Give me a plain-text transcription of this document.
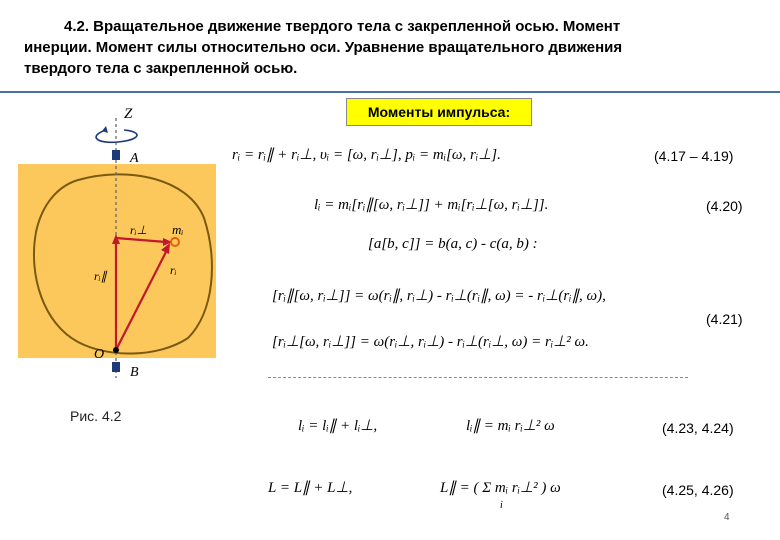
4.2. Вращательное движение твердого тела с закрепленной осью. Момент
инерции. Момент силы относительно оси. Уравнение вращательного движения
твердого тела с закрепленной осью.
Z
A
B
O
rᵢ⊥ mᵢ
rᵢ∥	rᵢ
Рис. 4.2
Моменты импульса:
rᵢ = rᵢ∥ + rᵢ⊥, υᵢ = [ω, rᵢ⊥], pᵢ = mᵢ[ω, rᵢ⊥].	(4.17 – 4.19)
lᵢ = mᵢ[rᵢ∥[ω, rᵢ⊥]] + mᵢ[rᵢ⊥[ω, rᵢ⊥]].	(4.20)
[a[b, c]] = b(a, c) - c(a, b) :
[rᵢ∥[ω, rᵢ⊥]] = ω(rᵢ∥, rᵢ⊥) - rᵢ⊥(rᵢ∥, ω) = - rᵢ⊥(rᵢ∥, ω),
[rᵢ⊥[ω, rᵢ⊥]] = ω(rᵢ⊥, rᵢ⊥) - rᵢ⊥(rᵢ⊥, ω) = rᵢ⊥² ω.
(4.21)
lᵢ = lᵢ∥ + lᵢ⊥,	lᵢ∥ = mᵢ rᵢ⊥² ω	(4.23, 4.24)
L = L∥ + L⊥,	L∥ = ( Σ mᵢ rᵢ⊥² ) ω
i
(4.25, 4.26)
4
